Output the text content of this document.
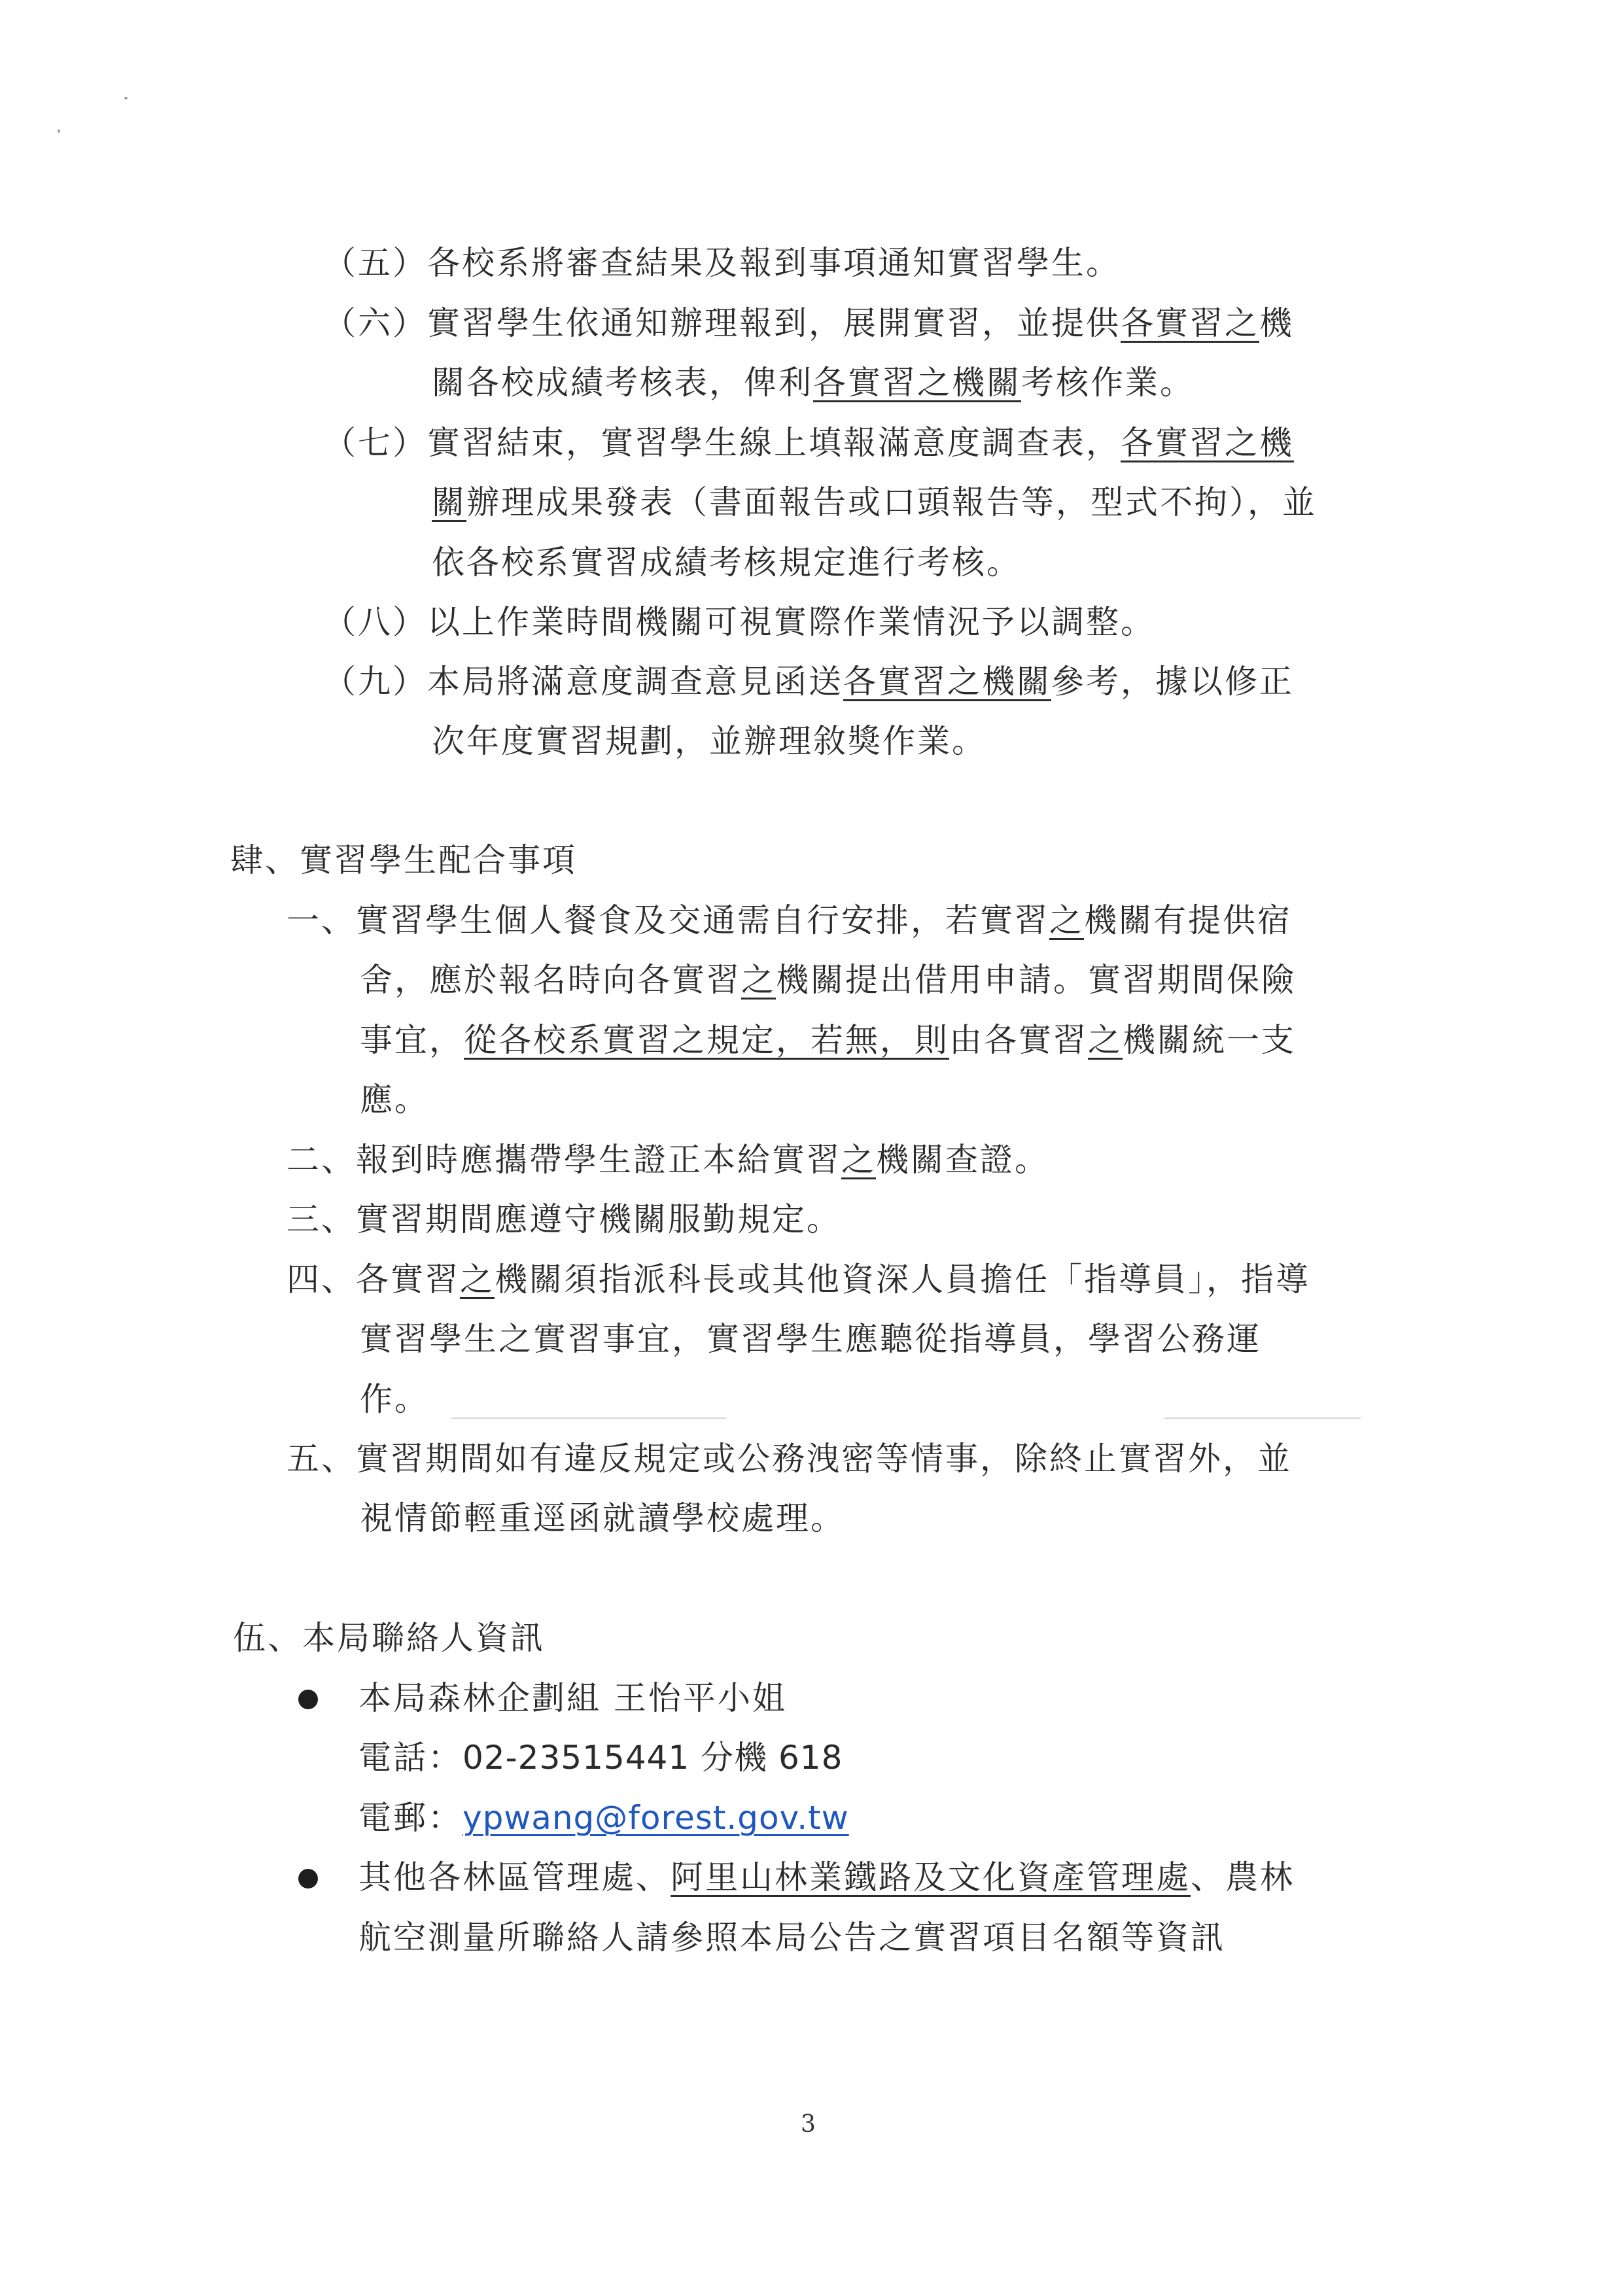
（五）各校系將審查結果及報到事項通知實習學生。
（六）實習學生依通知辦理報到，展開實習，並提供各實習之機
關各校成績考核表，俾利各實習之機關考核作業。
（七）實習結束，實習學生線上填報滿意度調查表，各實習之機
關辦理成果發表（書面報告或口頭報告等，型式不拘），並
依各校系實習成績考核規定進行考核。
（八）以上作業時間機關可視實際作業情況予以調整。
（九）本局將滿意度調查意見函送各實習之機關參考，據以修正
次年度實習規劃，並辦理敘獎作業。
肆、實習學生配合事項
一、實習學生個人餐食及交通需自行安排，若實習之機關有提供宿
舍，應於報名時向各實習之機關提出借用申請。實習期間保險
事宜，從各校系實習之規定，若無，則由各實習之機關統一支
應。
二、報到時應攜帶學生證正本給實習之機關查證。
三、實習期間應遵守機關服勤規定。
四、各實習之機關須指派科長或其他資深人員擔任「指導員」，指導
實習學生之實習事宜，實習學生應聽從指導員，學習公務運
作。
五、實習期間如有違反規定或公務洩密等情事，除終止實習外，並
視情節輕重逕函就讀學校處理。
伍、本局聯絡人資訊
本局森林企劃組 王怡平小姐
電話：02-23515441 分機 618
電郵：ypwang@forest.gov.tw
其他各林區管理處、阿里山林業鐵路及文化資產管理處、農林
航空測量所聯絡人請參照本局公告之實習項目名額等資訊
3
